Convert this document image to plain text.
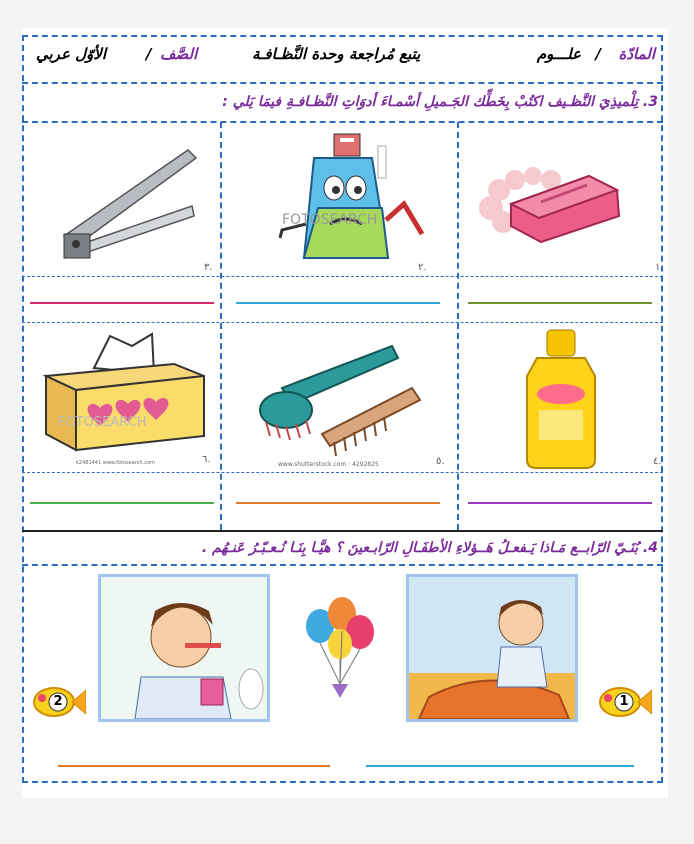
المادّة
/
علـــوم
يتبع مُراجعة وحدة النَّظـافـة
الصَّف
/
الأوّل عربي
3. تِلْميذِيَ النَّظـيف اكتُبْ بِخَطِّك الجَـميلِ أسْمـاءَ أدوَاتِ النَّظـافـةِ فيمَا يَلي :
١.
FOTOSEARCH
٢.
٣.
٤.
www.shutterstock.com · 4292825	٥.
FOTOSEARCH
k2481441 www.fotosearch.com	٦.
4. بُنَـيّ الرّابــع مَـاذا يَـفعـلُ هَــؤلاءِ الأطفَـالِ الرّابـعينَ ؟ هيَّـا بِنَـا نُـعـبّـرُ عَنـهُم .
1
2
